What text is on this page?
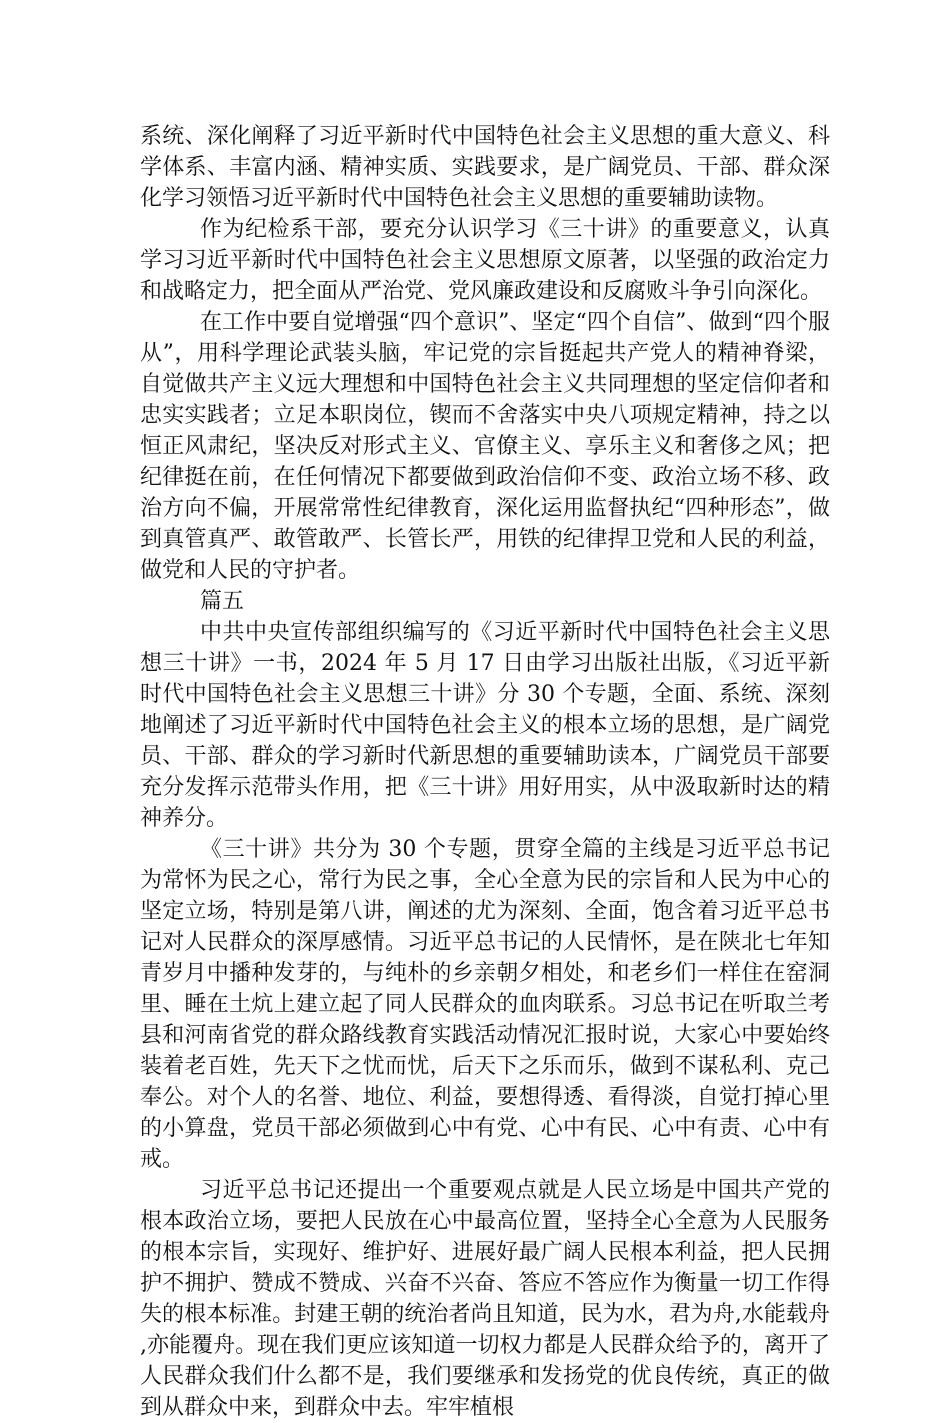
系统、深化阐释了习近平新时代中国特色社会主义思想的重大意义、科学体系、丰富内涵、精神实质、实践要求，是广阔党员、干部、群众深化学习领悟习近平新时代中国特色社会主义思想的重要辅助读物。

作为纪检系干部，要充分认识学习《三十讲》的重要意义，认真学习习近平新时代中国特色社会主义思想原文原著，以坚强的政治定力和战略定力，把全面从严治党、党风廉政建设和反腐败斗争引向深化。

在工作中要自觉增强“四个意识”、坚定“四个自信”、做到“四个服从”，用科学理论武装头脑，牢记党的宗旨挺起共产党人的精神脊梁，自觉做共产主义远大理想和中国特色社会主义共同理想的坚定信仰者和忠实实践者；立足本职岗位，锲而不舍落实中央八项规定精神，持之以恒正风肃纪，坚决反对形式主义、官僚主义、享乐主义和奢侈之风；把纪律挺在前，在任何情况下都要做到政治信仰不变、政治立场不移、政治方向不偏，开展常常性纪律教育，深化运用监督执纪“四种形态”，做到真管真严、敢管敢严、长管长严，用铁的纪律捍卫党和人民的利益，做党和人民的守护者。

篇五

中共中央宣传部组织编写的《习近平新时代中国特色社会主义思想三十讲》一书，2024 年 5 月 17 日由学习出版社出版，《习近平新时代中国特色社会主义思想三十讲》分 30 个专题，全面、系统、深刻地阐述了习近平新时代中国特色社会主义的根本立场的思想，是广阔党员、干部、群众的学习新时代新思想的重要辅助读本，广阔党员干部要充分发挥示范带头作用，把《三十讲》用好用实，从中汲取新时达的精神养分。

《三十讲》共分为 30 个专题，贯穿全篇的主线是习近平总书记为常怀为民之心，常行为民之事，全心全意为民的宗旨和人民为中心的坚定立场，特别是第八讲，阐述的尤为深刻、全面，饱含着习近平总书记对人民群众的深厚感情。习近平总书记的人民情怀，是在陕北七年知青岁月中播种发芽的，与纯朴的乡亲朝夕相处，和老乡们一样住在窑洞里、睡在土炕上建立起了同人民群众的血肉联系。习总书记在听取兰考县和河南省党的群众路线教育实践活动情况汇报时说，大家心中要始终装着老百姓，先天下之忧而忧，后天下之乐而乐，做到不谋私利、克己奉公。对个人的名誉、地位、利益，要想得透、看得淡，自觉打掉心里的小算盘，党员干部必须做到心中有党、心中有民、心中有责、心中有戒。

习近平总书记还提出一个重要观点就是人民立场是中国共产党的根本政治立场，要把人民放在心中最高位置，坚持全心全意为人民服务的根本宗旨，实现好、维护好、进展好最广阔人民根本利益，把人民拥护不拥护、赞成不赞成、兴奋不兴奋、答应不答应作为衡量一切工作得失的根本标准。封建王朝的统治者尚且知道，民为水，君为舟,水能载舟,亦能覆舟。现在我们更应该知道一切权力都是人民群众给予的，离开了人民群众我们什么都不是，我们要继承和发扬党的优良传统，真正的做到从群众中来，到群众中去。牢牢植根
